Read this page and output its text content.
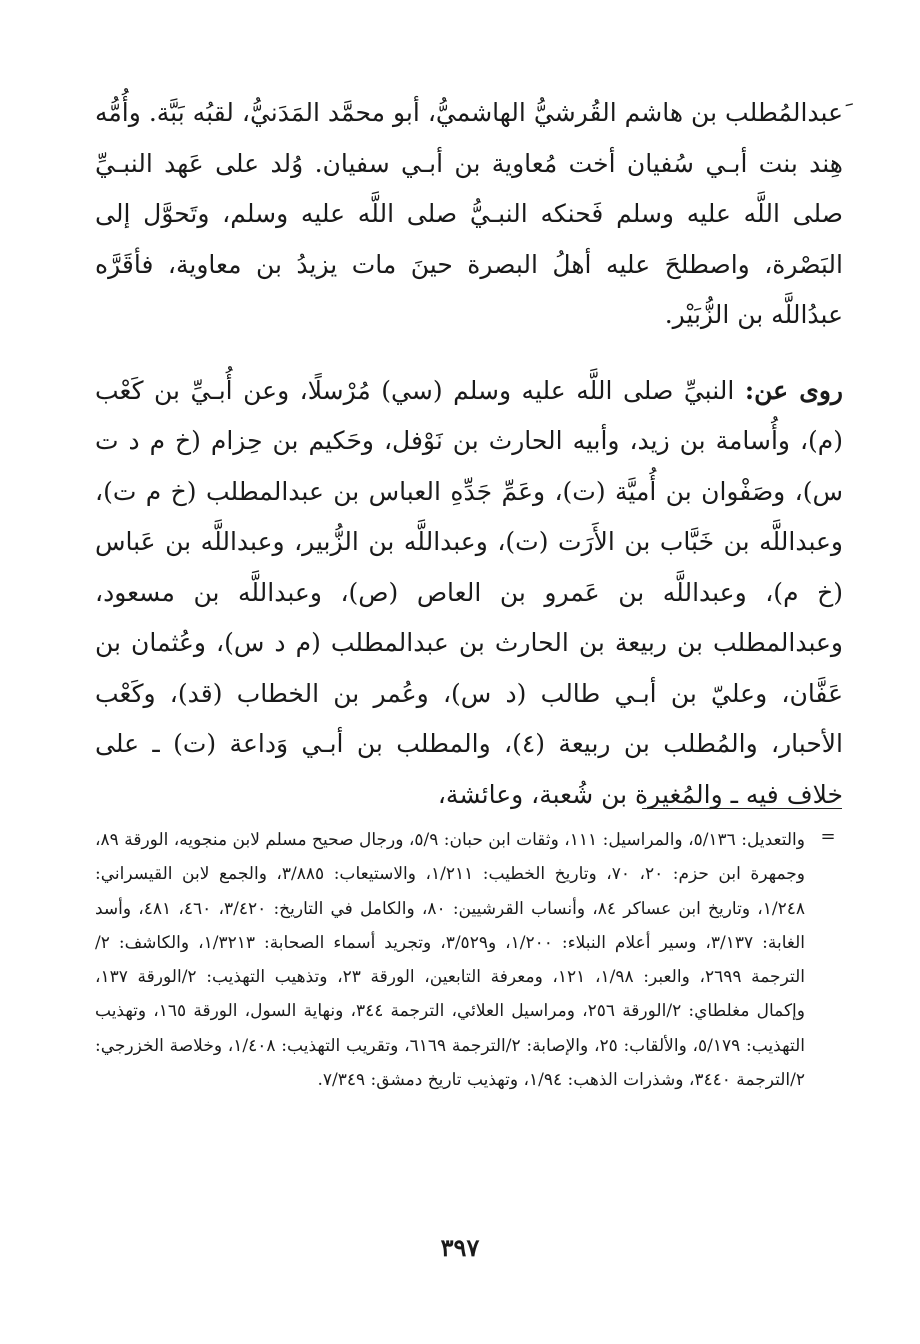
َعبدالمُطلب بن هاشم القُرشيُّ الهاشميُّ، أبو محمَّد المَدَنيُّ، لقبُه بَبَّة. وأُمُّه هِند بنت أبـي سُفيان أخت مُعاوية بن أبـي سفيان. وُلد على عَهد النبـيِّ صلى اللَّه عليه وسلم فَحنكه النبـيُّ صلى اللَّه عليه وسلم، وتَحوَّل إلى البَصْرة، واصطلحَ عليه أهلُ البصرة حينَ مات يزيدُ بن معاوية، فأقَرَّه عبدُاللَّه بن الزُّبَيْر.

روى عن: النبيِّ صلى اللَّه عليه وسلم (سي) مُرْسلًا، وعن أُبـيِّ بن كَعْب (م)، وأُسامة بن زيد، وأبيه الحارث بن نَوْفل، وحَكيم بن حِزام (خ م د ت س)، وصَفْوان بن أُميَّة (ت)، وعَمِّ جَدِّهِ العباس بن عبدالمطلب (خ م ت)، وعبداللَّه بن خَبَّاب بن الأَرَت (ت)، وعبداللَّه بن الزُّبير، وعبداللَّه بن عَباس (خ م)، وعبداللَّه بن عَمرو بن العاص (ص)، وعبداللَّه بن مسعود، وعبدالمطلب بن ربيعة بن الحارث بن عبدالمطلب (م د س)، وعُثمان بن عَفَّان، وعليّ بن أبـي طالب (د س)، وعُمر بن الخطاب (قد)، وكَعْب الأحبار، والمُطلب بن ربيعة (٤)، والمطلب بن أبـي وَداعة (ت) ـ على خلاف فيه ـ والمُغيرة بن شُعبة، وعائشة،

=

والتعديل: ٥/١٣٦، والمراسيل: ١١١، وثقات ابن حبان: ٥/٩، ورجال صحيح مسلم لابن منجويه، الورقة ٨٩، وجمهرة ابن حزم: ٢٠، ٧٠، وتاريخ الخطيب: ١/٢١١، والاستيعاب: ٣/٨٨٥، والجمع لابن القيسراني: ١/٢٤٨، وتاريخ ابن عساكر ٨٤، وأنساب القرشيين: ٨٠، والكامل في التاريخ: ٣/٤٢٠، ٤٦٠، ٤٨١، وأسد الغابة: ٣/١٣٧، وسير أعلام النبلاء: ١/٢٠٠، و٣/٥٢٩، وتجريد أسماء الصحابة: ١/٣٢١٣، والكاشف: ٢/الترجمة ٢٦٩٩، والعبر: ١/٩٨، ١٢١، ومعرفة التابعين، الورقة ٢٣، وتذهيب التهذيب: ٢/الورقة ١٣٧، وإكمال مغلطاي: ٢/الورقة ٢٥٦، ومراسيل العلائي، الترجمة ٣٤٤، ونهاية السول، الورقة ١٦٥، وتهذيب التهذيب: ٥/١٧٩، والألقاب: ٢٥، والإصابة: ٢/الترجمة ٦١٦٩، وتقريب التهذيب: ١/٤٠٨، وخلاصة الخزرجي: ٢/الترجمة ٣٤٤٠، وشذرات الذهب: ١/٩٤، وتهذيب تاريخ دمشق: ٧/٣٤٩.

٣٩٧
